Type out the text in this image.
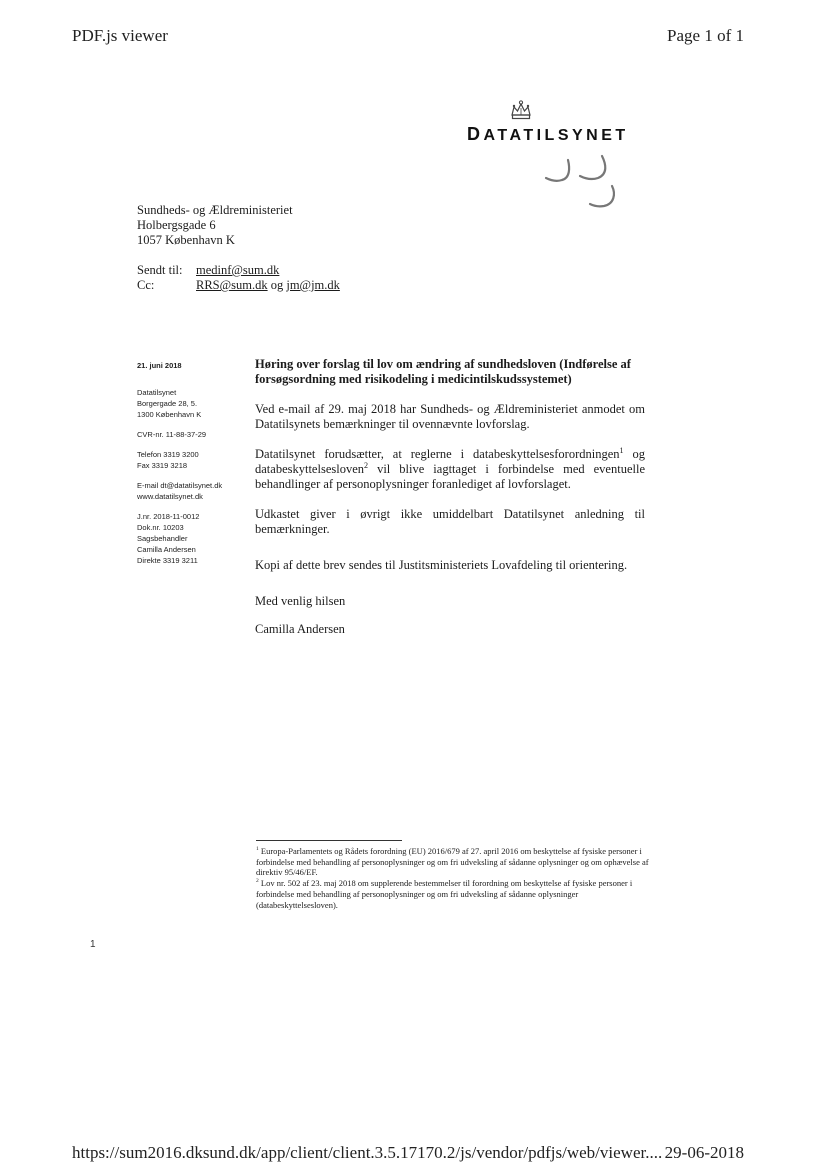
PDF.js viewer	Page 1 of 1
DATATILSYNET
Sundheds- og Ældreministeriet
Holbergsgade 6
1057 København K
Sendt til: medinf@sum.dk
Cc:	RRS@sum.dk og jm@jm.dk
21. juni 2018
Datatilsynet
Borgergade 28, 5.
1300 København K
CVR-nr. 11-88-37-29
Telefon 3319 3200
Fax 3319 3218
E-mail dt@datatilsynet.dk
www.datatilsynet.dk
J.nr. 2018-11-0012
Dok.nr. 10203
Sagsbehandler
Camilla Andersen
Direkte 3319 3211
Høring over forslag til lov om ændring af sundhedsloven (Indførelse af forsøgsordning med risikodeling i medicintilskudssystemet)

Ved e-mail af 29. maj 2018 har Sundheds- og Ældreministeriet anmodet om Datatilsynets bemærkninger til ovennævnte lovforslag.

Datatilsynet forudsætter, at reglerne i databeskyttelsesforordningen$^1$ og databeskyttelsesloven$^2$ vil blive iagttaget i forbindelse med eventuelle behandlinger af personoplysninger foranlediget af lovforslaget.

Udkastet giver i øvrigt ikke umiddelbart Datatilsynet anledning til bemærkninger.

Kopi af dette brev sendes til Justitsministeriets Lovafdeling til orientering.

Med venlig hilsen
Camilla Andersen

$^1$ Europa-Parlamentets og Rådets forordning (EU) 2016/679 af 27. april 2016 om beskyttelse af fysiske personer i forbindelse med behandling af personoplysninger og om fri udveksling af sådanne oplysninger og om ophævelse af direktiv 95/46/EF.

$^2$ Lov nr. 502 af 23. maj 2018 om supplerende bestemmelser til forordning om beskyttelse af fysiske personer i forbindelse med behandling af personoplysninger og om fri udveksling af sådanne oplysninger (databeskyttelsesloven).

1
https://sum2016.dksund.dk/app/client/client.3.5.17170.2/js/vendor/pdfjs/web/viewer.... 29-06-2018
